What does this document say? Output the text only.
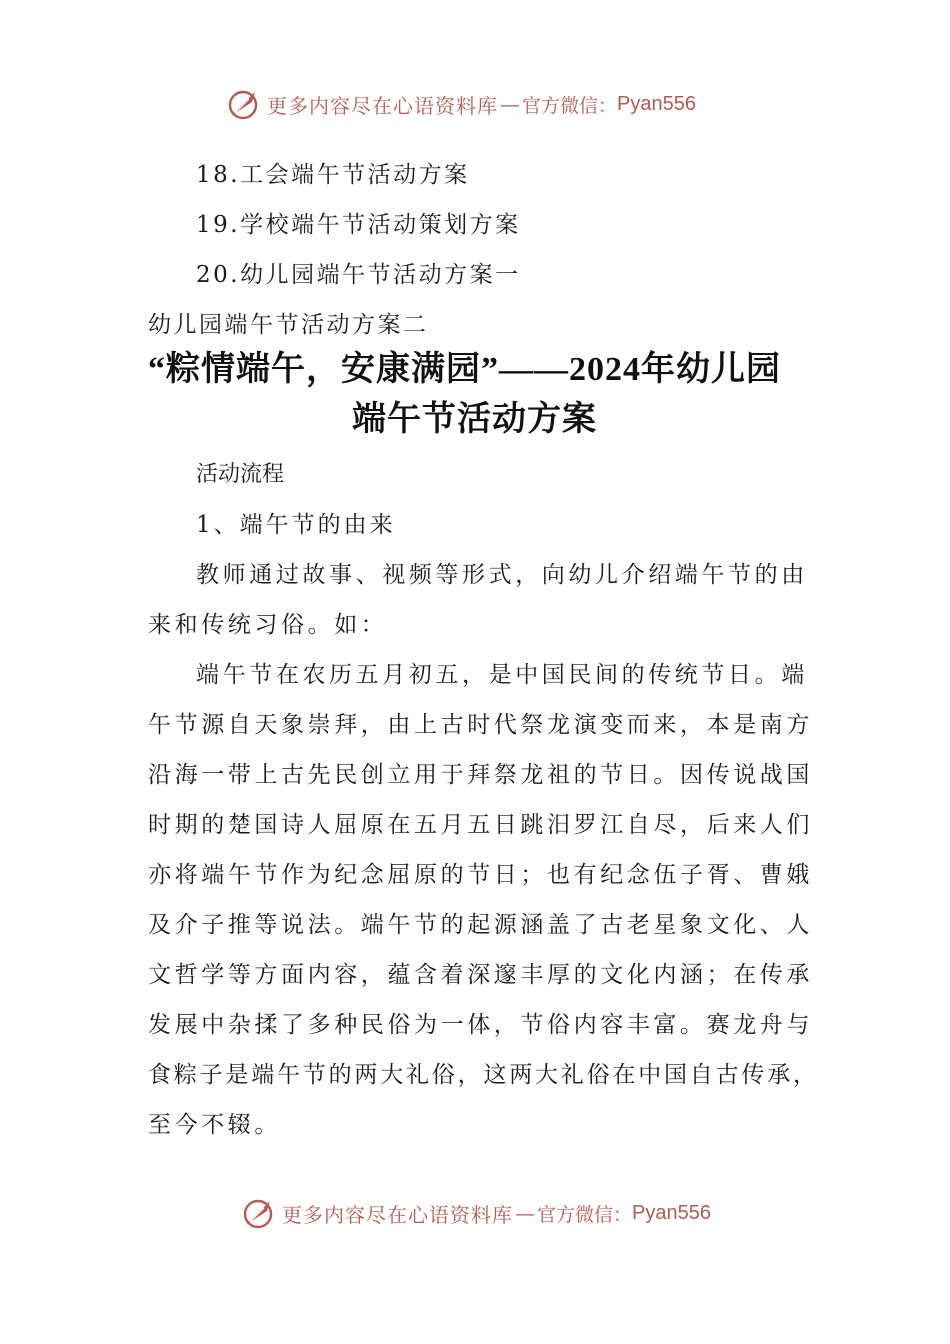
更多内容尽在心语资料库 — 官方微信： Pyan556
18.工会端午节活动方案
19.学校端午节活动策划方案
20.幼儿园端午节活动方案一
幼儿园端午节活动方案二
“粽情端午，安康满园”——2024年幼儿园
端午节活动方案
活动流程
1、端午节的由来
教师通过故事、视频等形式，向幼儿介绍端午节的由
来和传统习俗。如：
端午节在农历五月初五，是中国民间的传统节日。端
午节源自天象崇拜，由上古时代祭龙演变而来，本是南方
沿海一带上古先民创立用于拜祭龙祖的节日。因传说战国
时期的楚国诗人屈原在五月五日跳汨罗江自尽，后来人们
亦将端午节作为纪念屈原的节日；也有纪念伍子胥、曹娥
及介子推等说法。端午节的起源涵盖了古老星象文化、人
文哲学等方面内容，蕴含着深邃丰厚的文化内涵；在传承
发展中杂揉了多种民俗为一体，节俗内容丰富。赛龙舟与
食粽子是端午节的两大礼俗，这两大礼俗在中国自古传承，
至今不辍。
更多内容尽在心语资料库 — 官方微信： Pyan556
